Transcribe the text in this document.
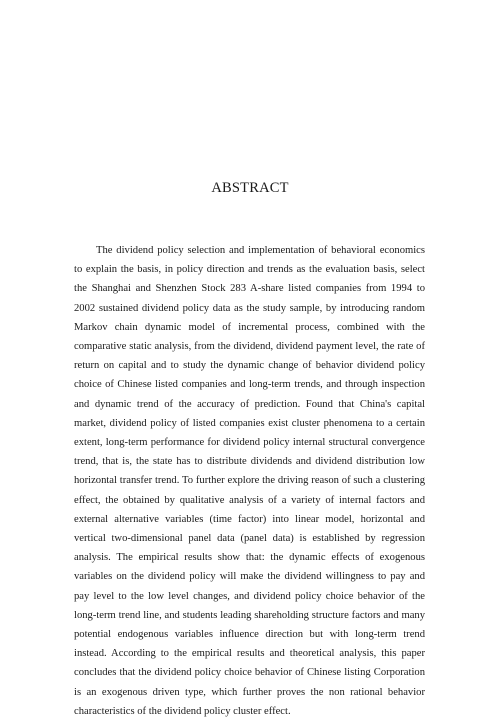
ABSTRACT

The dividend policy selection and implementation of behavioral economics to explain the basis, in policy direction and trends as the evaluation basis, select the Shanghai and Shenzhen Stock 283 A-share listed companies from 1994 to 2002 sustained dividend policy data as the study sample, by introducing random Markov chain dynamic model of incremental process, combined with the comparative static analysis, from the dividend, dividend payment level, the rate of return on capital and to study the dynamic change of behavior dividend policy choice of Chinese listed companies and long-term trends, and through inspection and dynamic trend of the accuracy of prediction. Found that China's capital market, dividend policy of listed companies exist cluster phenomena to a certain extent, long-term performance for dividend policy internal structural convergence trend, that is, the state has to distribute dividends and dividend distribution low horizontal transfer trend. To further explore the driving reason of such a clustering effect, the obtained by qualitative analysis of a variety of internal factors and external alternative variables (time factor) into linear model, horizontal and vertical two-dimensional panel data (panel data) is established by regression analysis. The empirical results show that: the dynamic effects of exogenous variables on the dividend policy will make the dividend willingness to pay and pay level to the low level changes, and dividend policy choice behavior of the long-term trend line, and students leading shareholding structure factors and many potential endogenous variables influence direction but with long-term trend instead. According to the empirical results and theoretical analysis, this paper concludes that the dividend policy choice behavior of Chinese listing Corporation is an exogenous driven type, which further proves the non rational behavior characteristics of the dividend policy cluster effect.
